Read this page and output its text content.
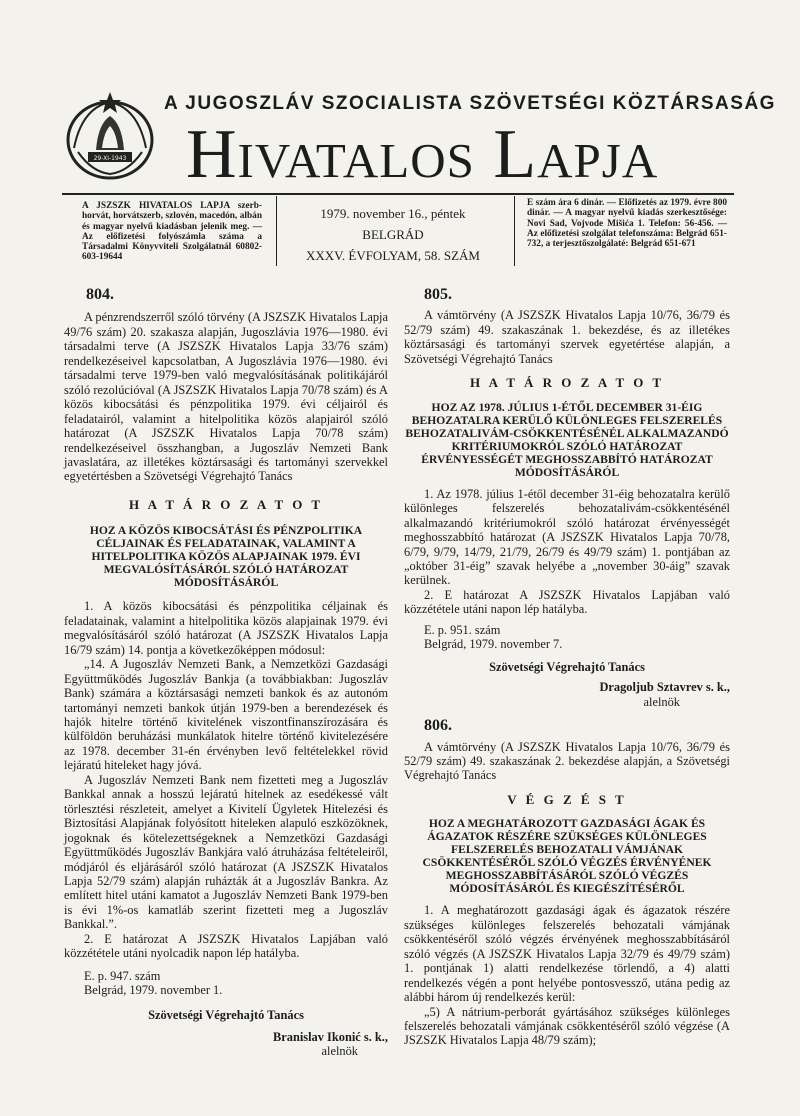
29-XI-1943
A JUGOSZLÁV SZOCIALISTA SZÖVETSÉGI KÖZTÁRSASÁG
Hivatalos Lapja
A JSZSZK HIVATALOS LAPJA szerb-horvát, horvátszerb, szlovén, macedón, albán és magyar nyelvű kiadásban jelenik meg. — Az előfizetési folyószámla száma a Társadalmi Könyvviteli Szolgálatnál 60802-603-19644
1979. november 16., péntek
BELGRÁD
XXXV. ÉVFOLYAM, 58. SZÁM
E szám ára 6 dinár. — Előfizetés az 1979. évre 800 dinár. — A magyar nyelvű kiadás szerkesztősége: Novi Sad, Vojvode Mišića 1. Telefon: 56-456. — Az előfizetési szolgálat telefonszáma: Belgrád 651-732, a terjesztőszolgálaté: Belgrád 651-671

804.

A pénzrendszerről szóló törvény (A JSZSZK Hivatalos Lapja 49/76 szám) 20. szakasza alapján, Jugoszlávia 1976—1980. évi társadalmi terve (A JSZSZK Hivatalos Lapja 33/76 szám) rendelkezéseivel kapcsolatban, A Jugoszlávia 1976—1980. évi társadalmi terve 1979-ben való megvalósításának politikájáról szóló rezolúcióval (A JSZSZK Hivatalos Lapja 70/78 szám) és A közös kibocsátási és pénzpolitika 1979. évi céljairól és feladatairól, valamint a hitelpolitika közös alapjairól szóló határozat (A JSZSZK Hivatalos Lapja 70/78 szám) rendelkezéseivel összhangban, a Jugoszláv Nemzeti Bank javaslatára, az illetékes köztársasági és tartományi szervekkel egyetértésben a Szövetségi Végrehajtó Tanács

H A T Á R O Z A T O T

HOZ A KÖZÖS KIBOCSÁTÁSI ÉS PÉNZPOLITIKA CÉLJAINAK ÉS FELADATAINAK, VALAMINT A HITELPOLITIKA KÖZÖS ALAPJAINAK 1979. ÉVI MEGVALÓSÍTÁSÁRÓL SZÓLÓ HATÁROZAT MÓDOSÍTÁSÁRÓL

1. A közös kibocsátási és pénzpolitika céljainak és feladatainak, valamint a hitelpolitika közös alapjainak 1979. évi megvalósításáról szóló határozat (A JSZSZK Hivatalos Lapja 16/79 szám) 14. pontja a következőképpen módosul:

„14. A Jugoszláv Nemzeti Bank, a Nemzetközi Gazdasági Együttműködés Jugoszláv Bankja (a továbbiakban: Jugoszláv Bank) számára a köztársasági nemzeti bankok és az autonóm tartományi nemzeti bankok útján 1979-ben a berendezések és hajók hitelre történő kivitelének viszontfinanszírozására és külföldön beruházási munkálatok hitelre történő kivitelezésére az 1978. december 31-én érvényben levő feltételekkel rövid lejáratú hiteleket hagy jóvá.

A Jugoszláv Nemzeti Bank nem fizetteti meg a Jugoszláv Bankkal annak a hosszú lejáratú hitelnek az esedékessé vált törlesztési részleteit, amelyet a Kivitelí Ügyletek Hitelezési és Biztosítási Alapjának folyósított hiteleken alapuló eszközöknek, jogoknak és kötelezettségeknek a Nemzetközi Gazdasági Együttműködés Jugoszláv Bankjára való átruházása feltételeiről, módjáról és eljárásáról szóló határozat (A JSZSZK Hivatalos Lapja 52/79 szám) alapján ruházták át a Jugoszláv Bankra. Az említett hitel utáni kamatot a Jugoszláv Nemzeti Bank 1979-ben is évi 1%-os kamatláb szerint fizetteti meg a Jugoszláv Bankkal.”.

2. E határozat A JSZSZK Hivatalos Lapjában való közzététele utáni nyolcadik napon lép hatályba.

E. p. 947. szám

Belgrád, 1979. november 1.

Szövetségi Végrehajtó Tanács

Branislav Ikonić s. k.,

alelnök

805.

A vámtörvény (A JSZSZK Hivatalos Lapja 10/76, 36/79 és 52/79 szám) 49. szakaszának 1. bekezdése, és az illetékes köztársasági és tartományi szervek egyetértése alapján, a Szövetségi Végrehajtó Tanács

H A T Á R O Z A T O T

HOZ AZ 1978. JÚLIUS 1-ÉTŐL DECEMBER 31-ÉIG BEHOZATALRA KERÜLŐ KÜLÖNLEGES FELSZERELÉS BEHOZATALIVÁM-CSÖKKENTÉSÉNÉL ALKALMAZANDÓ KRITÉRIUMOKRÓL SZÓLÓ HATÁROZAT ÉRVÉNYESSÉGÉT MEGHOSSZABBÍTÓ HATÁROZAT MÓDOSÍTÁSÁRÓL

1. Az 1978. július 1-étől december 31-éig behozatalra kerülő különleges felszerelés behozatalivám-csökkentésénél alkalmazandó kritériumokról szóló határozat érvényességét meghosszabbító határozat (A JSZSZK Hivatalos Lapja 70/78, 6/79, 9/79, 14/79, 21/79, 26/79 és 49/79 szám) 1. pontjában az „október 31-éig” szavak helyébe a „november 30-áig” szavak kerülnek.

2. E határozat A JSZSZK Hivatalos Lapjában való közzététele utáni napon lép hatályba.

E. p. 951. szám

Belgrád, 1979. november 7.

Szövetségi Végrehajtó Tanács

Dragoljub Sztavrev s. k.,

alelnök

806.

A vámtörvény (A JSZSZK Hivatalos Lapja 10/76, 36/79 és 52/79 szám) 49. szakaszának 2. bekezdése alapján, a Szövetségi Végrehajtó Tanács

V É G Z É S T

HOZ A MEGHATÁROZOTT GAZDASÁGI ÁGAK ÉS ÁGAZATOK RÉSZÉRE SZÜKSÉGES KÜLÖNLEGES FELSZERELÉS BEHOZATALI VÁMJÁNAK CSÖKKENTÉSÉRŐL SZÓLÓ VÉGZÉS ÉRVÉNYÉNEK MEGHOSSZABBÍTÁSÁRÓL SZÓLÓ VÉGZÉS MÓDOSÍTÁSÁRÓL ÉS KIEGÉSZÍTÉSÉRŐL

1. A meghatározott gazdasági ágak és ágazatok részére szükséges különleges felszerelés behozatali vámjának csökkentéséről szóló végzés érvényének meghosszabbításáról szóló végzés (A JSZSZK Hivatalos Lapja 32/79 és 49/79 szám) 1. pontjának 1) alatti rendelkezése törlendő, a 4) alatti rendelkezés végén a pont helyébe pontosvessző, utána pedig az alábbi három új rendelkezés kerül:

„5) A nátrium-perborát gyártásához szükséges különleges felszerelés behozatali vámjának csökkentéséről szóló végzése (A JSZSZK Hivatalos Lapja 48/79 szám);
